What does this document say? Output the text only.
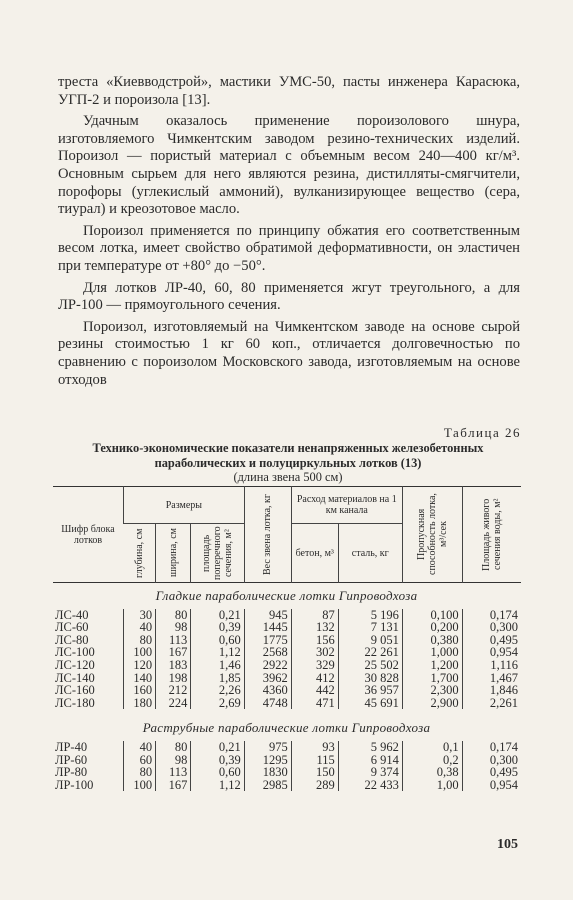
треста «Киевводстрой», мастики УМС-50, пасты инженера Карасюка, УГП-2 и пороизола [13].

Удачным оказалось применение пороизолового шнура, изготовляемого Чимкентским заводом резино-технических изделий. Пороизол — пористый материал с объемным весом 240—400 кг/м³. Основным сырьем для него являются резина, дистилляты-смягчители, порофоры (углекислый аммоний), вулканизирующее вещество (сера, тиурал) и креозотовое масло.

Пороизол применяется по принципу обжатия его соответственным весом лотка, имеет свойство обратимой деформативности, он эластичен при температуре от +80° до −50°.

Для лотков ЛР-40, 60, 80 применяется жгут треугольного, а для ЛР-100 — прямоугольного сечения.

Пороизол, изготовляемый на Чимкентском заводе на основе сырой резины стоимостью 1 кг 60 коп., отличается долговечностью по сравнению с пороизолом Московского завода, изготовляемым на основе отходов

Таблица 26
Технико-экономические показатели ненапряженных железобетонных параболических и полуциркульных лотков (13)
(длина звена 500 см)
Шифр блока лотков	Размеры			Вес звена лотка, кг	Расход материалов на 1 км канала		Пропускная способность лотка, м³/сек	Площадь живого сечения воды, м²

	глубина, см	ширина, см	площадь поперечного сечения, м²		бетон, м³	сталь, кг		
Гладкие параболические лотки Гипроводхоза								
ЛС-40	30	80	0,21	945	87	5 196	0,100	0,174
ЛС-60	40	98	0,39	1445	132	7 131	0,200	0,300
ЛС-80	80	113	0,60	1775	156	9 051	0,380	0,495
ЛС-100	100	167	1,12	2568	302	22 261	1,000	0,954
ЛС-120	120	183	1,46	2922	329	25 502	1,200	1,116
ЛС-140	140	198	1,85	3962	412	30 828	1,700	1,467
ЛС-160	160	212	2,26	4360	442	36 957	2,300	1,846
ЛС-180	180	224	2,69	4748	471	45 691	2,900	2,261

Раструбные параболические лотки Гипроводхоза								
ЛР-40	40	80	0,21	975	93	5 962	0,1	0,174
ЛР-60	60	98	0,39	1295	115	6 914	0,2	0,300
ЛР-80	80	113	0,60	1830	150	9 374	0,38	0,495
ЛР-100	100	167	1,12	2985	289	22 433	1,00	0,954
105
